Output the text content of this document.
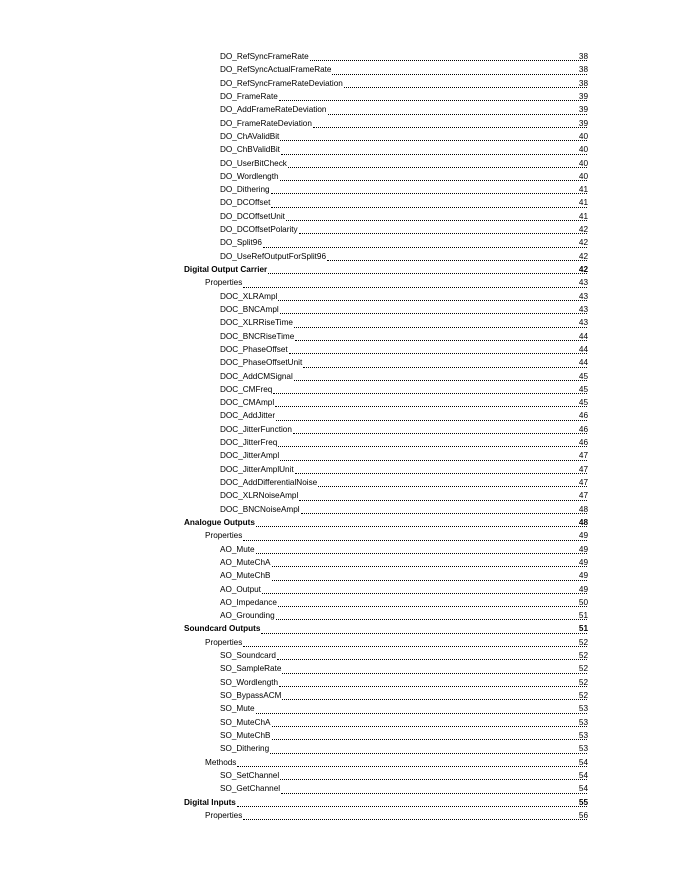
DO_RefSyncFrameRate	38
DO_RefSyncActualFrameRate	38
DO_RefSyncFrameRateDeviation	38
DO_FrameRate	39
DO_AddFrameRateDeviation	39
DO_FrameRateDeviation	39
DO_ChAValidBit	40
DO_ChBValidBit	40
DO_UserBitCheck	40
DO_Wordlength	40
DO_Dithering	41
DO_DCOffset	41
DO_DCOffsetUnit	41
DO_DCOffsetPolarity	42
DO_Split96	42
DO_UseRefOutputForSplit96	42
Digital Output Carrier	42
Properties	43
DOC_XLRAmpl	43
DOC_BNCAmpl	43
DOC_XLRRiseTime	43
DOC_BNCRiseTime	44
DOC_PhaseOffset	44
DOC_PhaseOffsetUnit	44
DOC_AddCMSignal	45
DOC_CMFreq	45
DOC_CMAmpl	45
DOC_AddJitter	46
DOC_JitterFunction	46
DOC_JitterFreq	46
DOC_JitterAmpl	47
DOC_JitterAmplUnit	47
DOC_AddDifferentialNoise	47
DOC_XLRNoiseAmpl	47
DOC_BNCNoiseAmpl	48
Analogue Outputs	48
Properties	49
AO_Mute	49
AO_MuteChA	49
AO_MuteChB	49
AO_Output	49
AO_Impedance	50
AO_Grounding	51
Soundcard Outputs	51
Properties	52
SO_Soundcard	52
SO_SampleRate	52
SO_Wordlength	52
SO_BypassACM	52
SO_Mute	53
SO_MuteChA	53
SO_MuteChB	53
SO_Dithering	53
Methods	54
SO_SetChannel	54
SO_GetChannel	54
Digital Inputs	55
Properties	56
